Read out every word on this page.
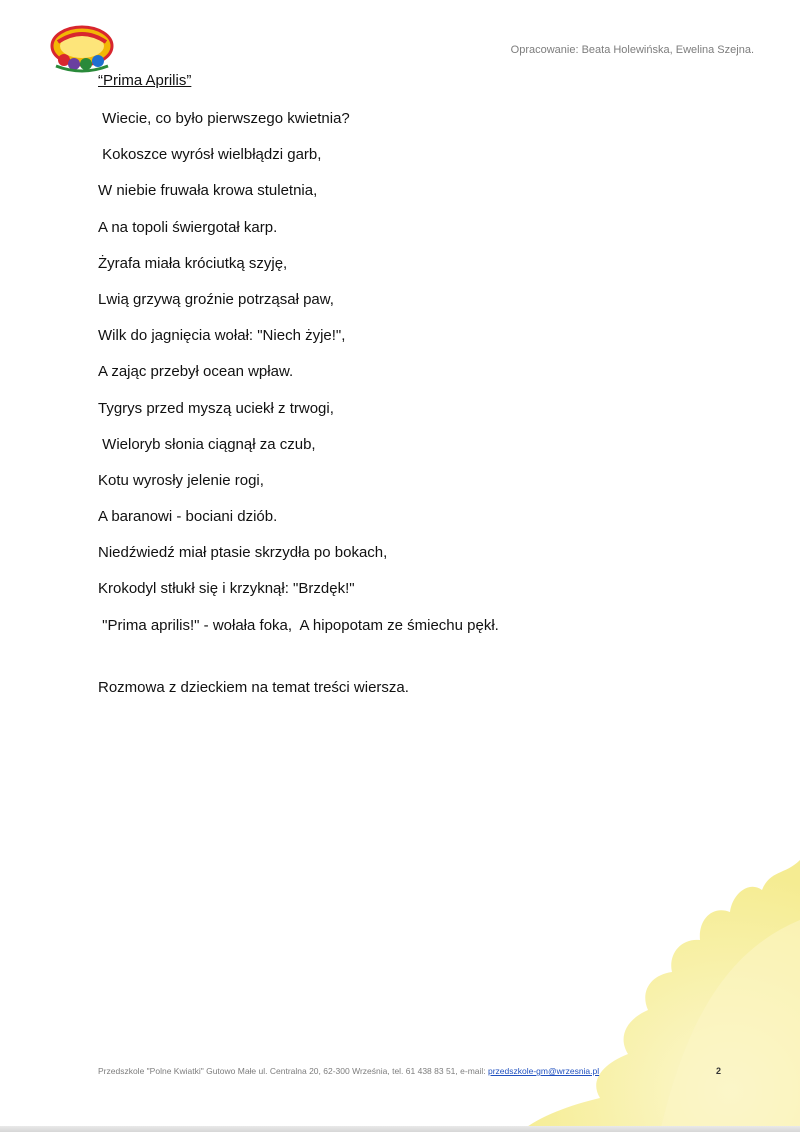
Opracowanie: Beata Holewińska, Ewelina Szejna.
“Prima Aprilis”
Wiecie, co było pierwszego kwietnia?
Kokoszce wyrósł wielbłądzi garb,
W niebie fruwała krowa stuletnia,
A na topoli świergotał karp.
Żyrafa miała króciutką szyję,
Lwią grzywą groźnie potrząsał paw,
Wilk do jagnięcia wołał: "Niech żyje!",
A zając przebył ocean wpław.
Tygrys przed myszą uciekł z trwogi,
Wieloryb słonia ciągnął za czub,
Kotu wyrosły jelenie rogi,
A baranowi - bociani dziób.
Niedźwiedź miał ptasie skrzydła po bokach,
Krokodyl stłukł się i krzyknął: "Brzdęk!"
"Prima aprilis!" - wołała foka,  A hipopotam ze śmiechu pękł.
Rozmowa z dzieckiem na temat treści wiersza.
Przedszkole "Polne Kwiatki" Gutowo Małe ul. Centralna 20, 62-300 Września, tel. 61 438 83 51, e-mail: przedszkole-gm@wrzesnia.pl	2
